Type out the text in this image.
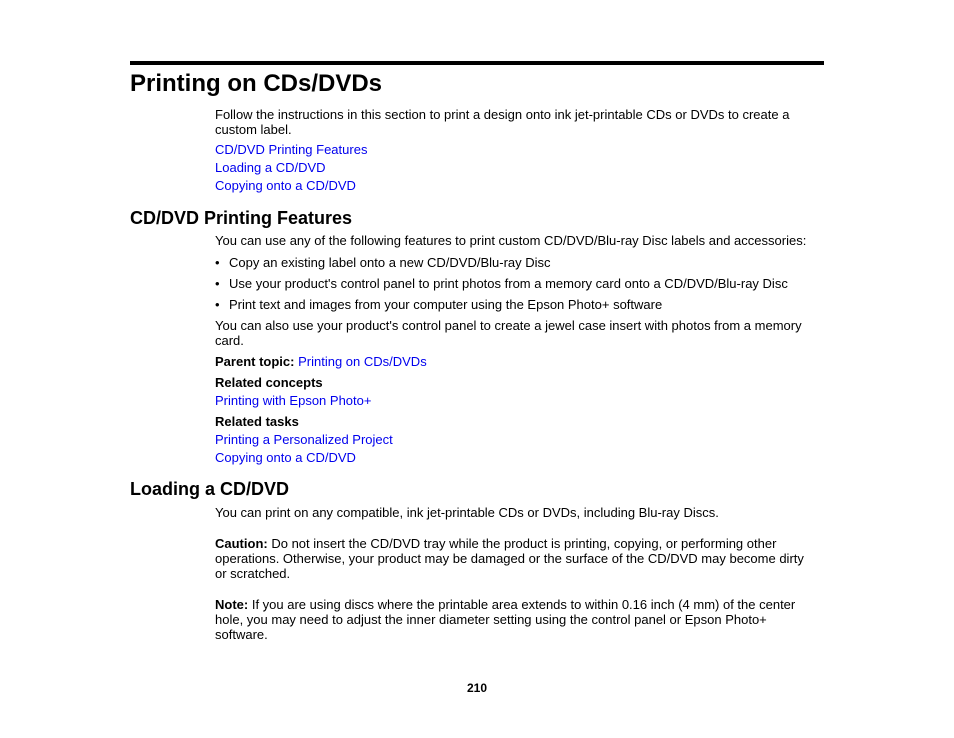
Printing on CDs/DVDs
Follow the instructions in this section to print a design onto ink jet-printable CDs or DVDs to create a custom label.
CD/DVD Printing Features
Loading a CD/DVD
Copying onto a CD/DVD
CD/DVD Printing Features
You can use any of the following features to print custom CD/DVD/Blu-ray Disc labels and accessories:
• Copy an existing label onto a new CD/DVD/Blu-ray Disc
• Use your product's control panel to print photos from a memory card onto a CD/DVD/Blu-ray Disc
• Print text and images from your computer using the Epson Photo+ software
You can also use your product's control panel to create a jewel case insert with photos from a memory card.
Parent topic: Printing on CDs/DVDs
Related concepts
Printing with Epson Photo+
Related tasks
Printing a Personalized Project
Copying onto a CD/DVD
Loading a CD/DVD
You can print on any compatible, ink jet-printable CDs or DVDs, including Blu-ray Discs.
Caution: Do not insert the CD/DVD tray while the product is printing, copying, or performing other operations. Otherwise, your product may be damaged or the surface of the CD/DVD may become dirty or scratched.
Note: If you are using discs where the printable area extends to within 0.16 inch (4 mm) of the center hole, you may need to adjust the inner diameter setting using the control panel or Epson Photo+ software.
210
